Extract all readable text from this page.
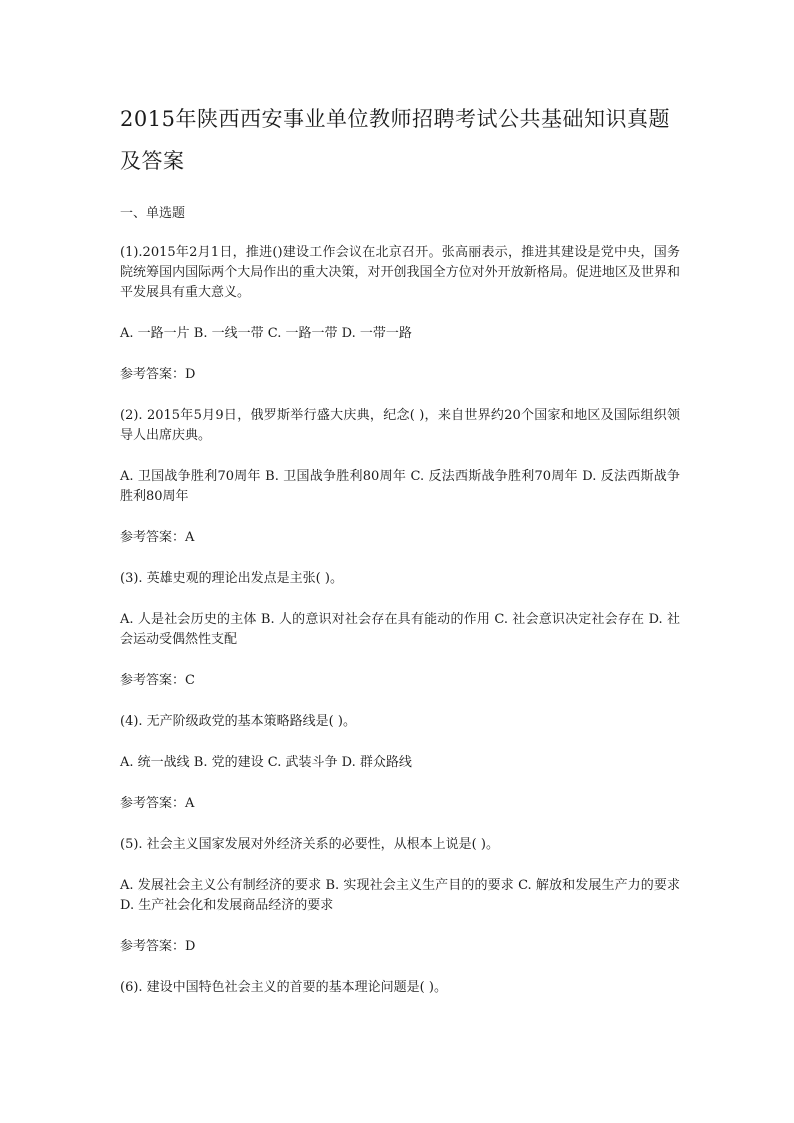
2015年陕西西安事业单位教师招聘考试公共基础知识真题及答案
一、单选题

(1).2015年2月1日，推进()建设工作会议在北京召开。张高丽表示，推进其建设是党中央，国务院统筹国内国际两个大局作出的重大决策，对开创我国全方位对外开放新格局。促进地区及世界和平发展具有重大意义。

A. 一路一片 B. 一线一带 C. 一路一带 D. 一带一路

参考答案：D

(2). 2015年5月9日，俄罗斯举行盛大庆典，纪念( )，来自世界约20个国家和地区及国际组织领导人出席庆典。

A. 卫国战争胜利70周年 B. 卫国战争胜利80周年 C. 反法西斯战争胜利70周年 D. 反法西斯战争胜利80周年

参考答案：A

(3). 英雄史观的理论出发点是主张( )。

A. 人是社会历史的主体 B. 人的意识对社会存在具有能动的作用 C. 社会意识决定社会存在 D. 社会运动受偶然性支配

参考答案：C

(4). 无产阶级政党的基本策略路线是( )。

A. 统一战线 B. 党的建设 C. 武装斗争 D. 群众路线

参考答案：A

(5). 社会主义国家发展对外经济关系的必要性，从根本上说是( )。

A. 发展社会主义公有制经济的要求 B. 实现社会主义生产目的的要求 C. 解放和发展生产力的要求 D. 生产社会化和发展商品经济的要求

参考答案：D

(6). 建设中国特色社会主义的首要的基本理论问题是( )。
